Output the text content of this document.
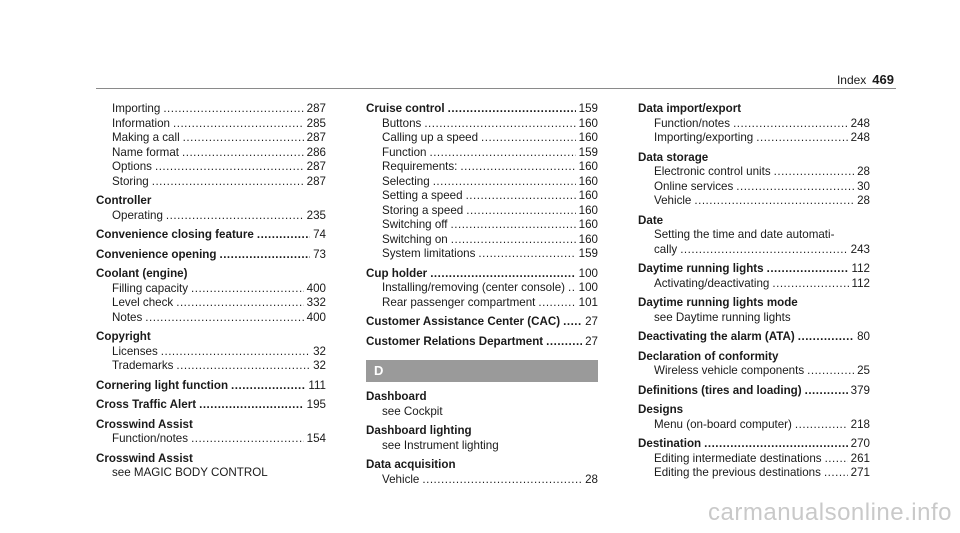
Index 469
Importing .....	287
Information .....	285
Making a call .....	287
Name format .....	286
Options .....	287
Storing .....	287
Controller
Operating .....	235
Convenience closing feature .....	74
Convenience opening .....	73
Coolant (engine)
Filling capacity .....	400
Level check .....	332
Notes .....	400
Copyright
Licenses .....	32
Trademarks .....	32
Cornering light function .....	111
Cross Traffic Alert .....	195
Crosswind Assist
Function/notes .....	154
Crosswind Assist
see MAGIC BODY CONTROL
Cruise control .....	159
Buttons .....	160
Calling up a speed .....	160
Function .....	159
Requirements: .....	160
Selecting .....	160
Setting a speed .....	160
Storing a speed .....	160
Switching off .....	160
Switching on .....	160
System limitations .....	159
Cup holder .....	100
Installing/removing (center console) ..... 100
Rear passenger compartment .....	101
Customer Assistance Center (CAC) ..... 27
Customer Relations Department .....	27
D
Dashboard
see Cockpit
Dashboard lighting
see Instrument lighting
Data acquisition
Vehicle .....	28
Data import/export
Function/notes .....	248
Importing/exporting .....	248
Data storage
Electronic control units .....	28
Online services .....	30
Vehicle .....	28
Date
Setting the time and date automati-
cally .....	243
Daytime running lights .....	112
Activating/deactivating .....	112
Daytime running lights mode
see Daytime running lights
Deactivating the alarm (ATA) .....	80
Declaration of conformity
Wireless vehicle components .....	25
Definitions (tires and loading) .....	379
Designs
Menu (on-board computer) .....	218
Destination .....	270
Editing intermediate destinations .....	261
Editing the previous destinations .....	271
carmanualsonline.info
